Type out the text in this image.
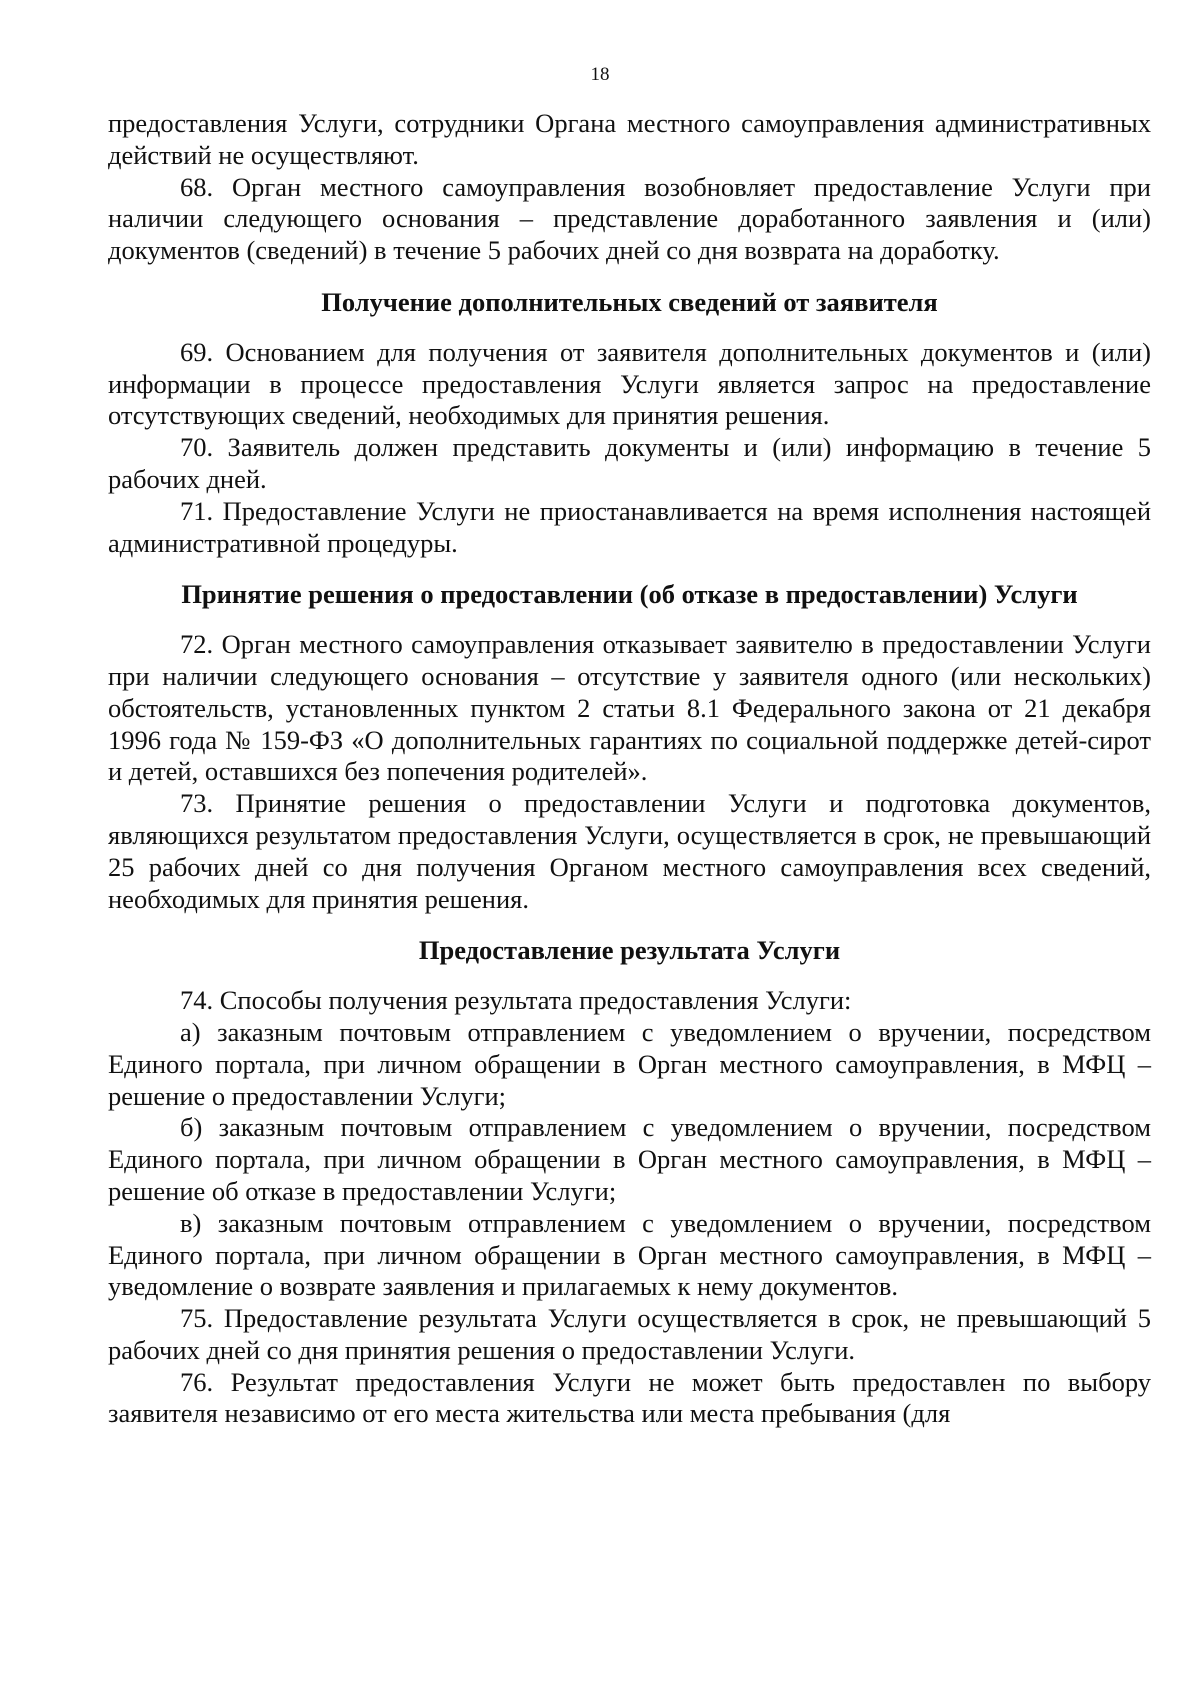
18

предоставления Услуги, сотрудники Органа местного самоуправления административных действий не осуществляют.

68. Орган местного самоуправления возобновляет предоставление Услуги при наличии следующего основания – представление доработанного заявления и (или) документов (сведений) в течение 5 рабочих дней со дня возврата на доработку.

Получение дополнительных сведений от заявителя

69. Основанием для получения от заявителя дополнительных документов и (или) информации в процессе предоставления Услуги является запрос на предоставление отсутствующих сведений, необходимых для принятия решения.

70. Заявитель должен представить документы и (или) информацию в течение 5 рабочих дней.

71. Предоставление Услуги не приостанавливается на время исполнения настоящей административной процедуры.

Принятие решения о предоставлении (об отказе в предоставлении) Услуги

72. Орган местного самоуправления отказывает заявителю в предоставлении Услуги при наличии следующего основания – отсутствие у заявителя одного (или нескольких) обстоятельств, установленных пунктом 2 статьи 8.1 Федерального закона от 21 декабря 1996 года № 159-ФЗ «О дополнительных гарантиях по социальной поддержке детей-сирот и детей, оставшихся без попечения родителей».

73. Принятие решения о предоставлении Услуги и подготовка документов, являющихся результатом предоставления Услуги, осуществляется в срок, не превышающий 25 рабочих дней со дня получения Органом местного самоуправления всех сведений, необходимых для принятия решения.

Предоставление результата Услуги

74. Способы получения результата предоставления Услуги:

а) заказным почтовым отправлением с уведомлением о вручении, посредством Единого портала, при личном обращении в Орган местного самоуправления, в МФЦ – решение о предоставлении Услуги;

б) заказным почтовым отправлением с уведомлением о вручении, посредством Единого портала, при личном обращении в Орган местного самоуправления, в МФЦ – решение об отказе в предоставлении Услуги;

в) заказным почтовым отправлением с уведомлением о вручении, посредством Единого портала, при личном обращении в Орган местного самоуправления, в МФЦ – уведомление о возврате заявления и прилагаемых к нему документов.

75. Предоставление результата Услуги осуществляется в срок, не превышающий 5 рабочих дней со дня принятия решения о предоставлении Услуги.

76. Результат предоставления Услуги не может быть предоставлен по выбору заявителя независимо от его места жительства или места пребывания (для
